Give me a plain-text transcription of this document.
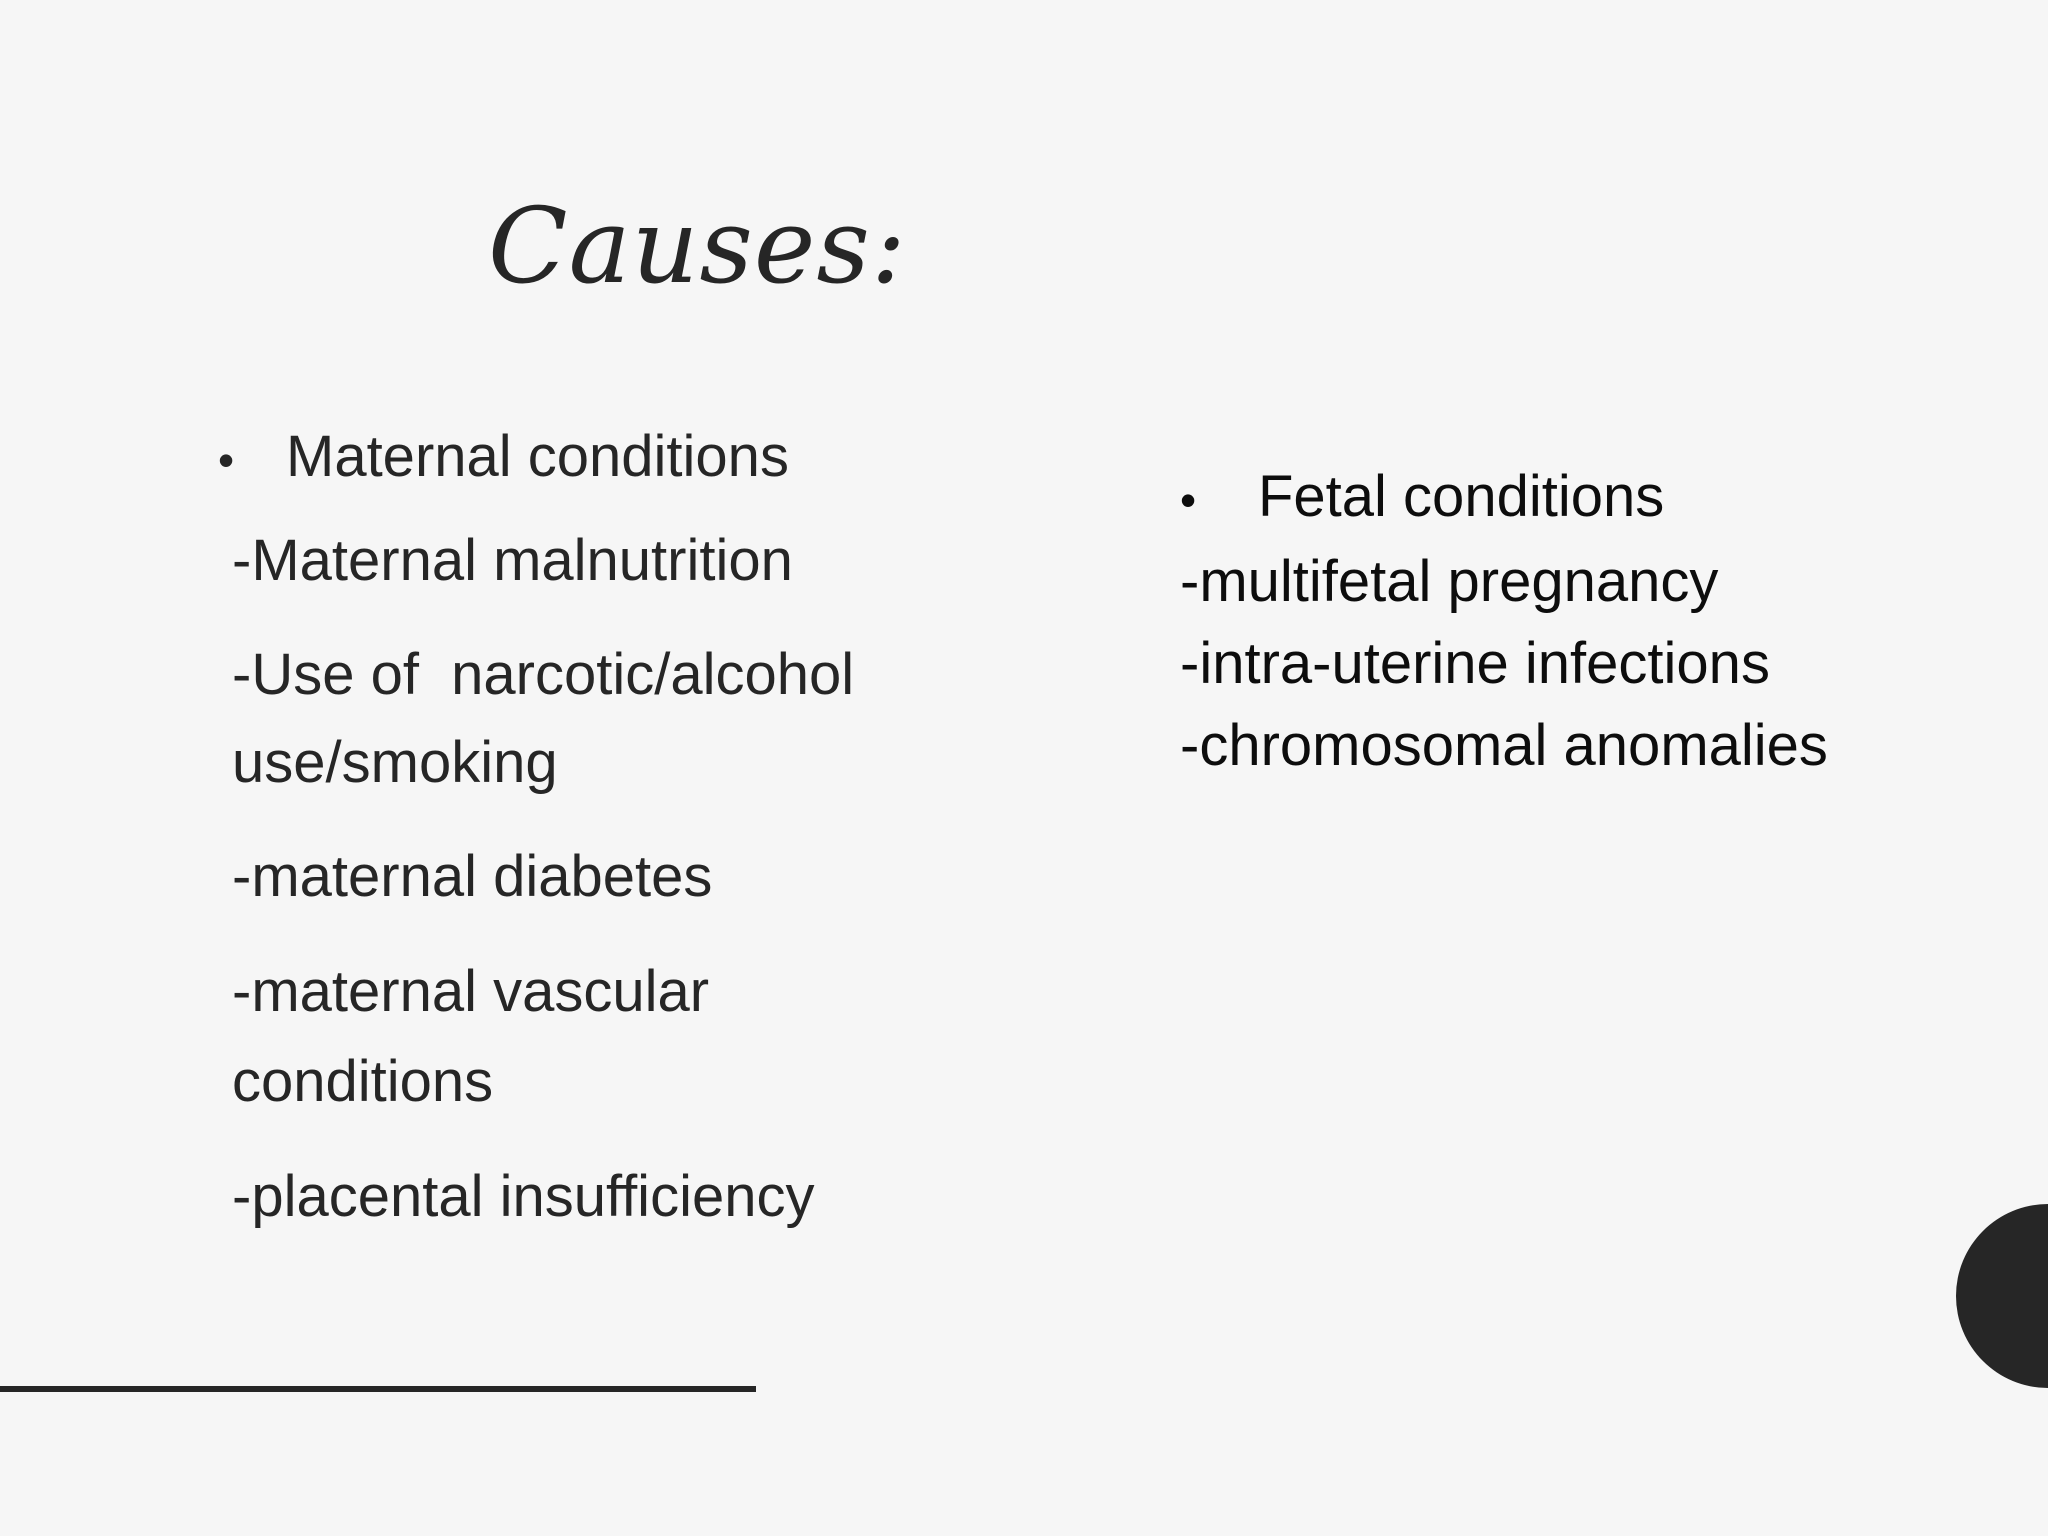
Causes:
• Maternal conditions
-Maternal malnutrition
-Use of  narcotic/alcohol use/smoking
-maternal diabetes
-maternal vascular conditions
-placental insufficiency
•	Fetal conditions
-multifetal pregnancy
-intra-uterine infections
-chromosomal anomalies
